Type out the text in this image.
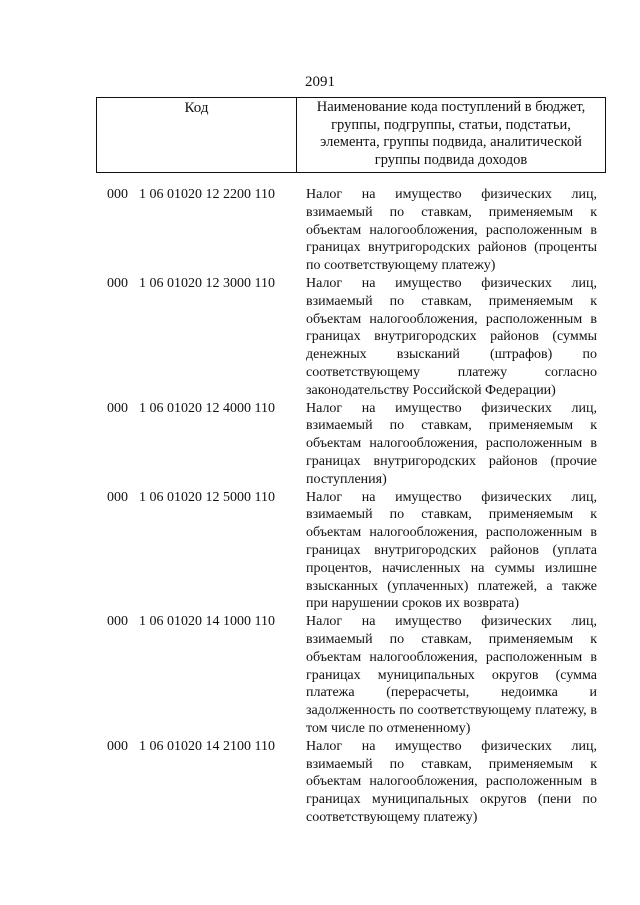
2091
Код	Наименование кода поступлений в бюджет, группы, подгруппы, статьи, подстатьи, элемента, группы подвида, аналитической группы подвида доходов
000 1 06 01020 12 2200 110	Налог на имущество физических лиц, взимаемый по ставкам, применяемым к объектам налогообложения, расположенным в границах внутригородских районов (проценты по соответствующему платежу)
000 1 06 01020 12 3000 110	Налог на имущество физических лиц, взимаемый по ставкам, применяемым к объектам налогообложения, расположенным в границах внутригородских районов (суммы денежных взысканий (штрафов) по соответствующему платежу согласно законодательству Российской Федерации)
000 1 06 01020 12 4000 110	Налог на имущество физических лиц, взимаемый по ставкам, применяемым к объектам налогообложения, расположенным в границах внутригородских районов (прочие поступления)
000 1 06 01020 12 5000 110	Налог на имущество физических лиц, взимаемый по ставкам, применяемым к объектам налогообложения, расположенным в границах внутригородских районов (уплата процентов, начисленных на суммы излишне взысканных (уплаченных) платежей, а также при нарушении сроков их возврата)
000 1 06 01020 14 1000 110	Налог на имущество физических лиц, взимаемый по ставкам, применяемым к объектам налогообложения, расположенным в границах муниципальных округов (сумма платежа (перерасчеты, недоимка и задолженность по соответствующему платежу, в том числе по отмененному)
000 1 06 01020 14 2100 110	Налог на имущество физических лиц, взимаемый по ставкам, применяемым к объектам налогообложения, расположенным в границах муниципальных округов (пени по соответствующему платежу)
